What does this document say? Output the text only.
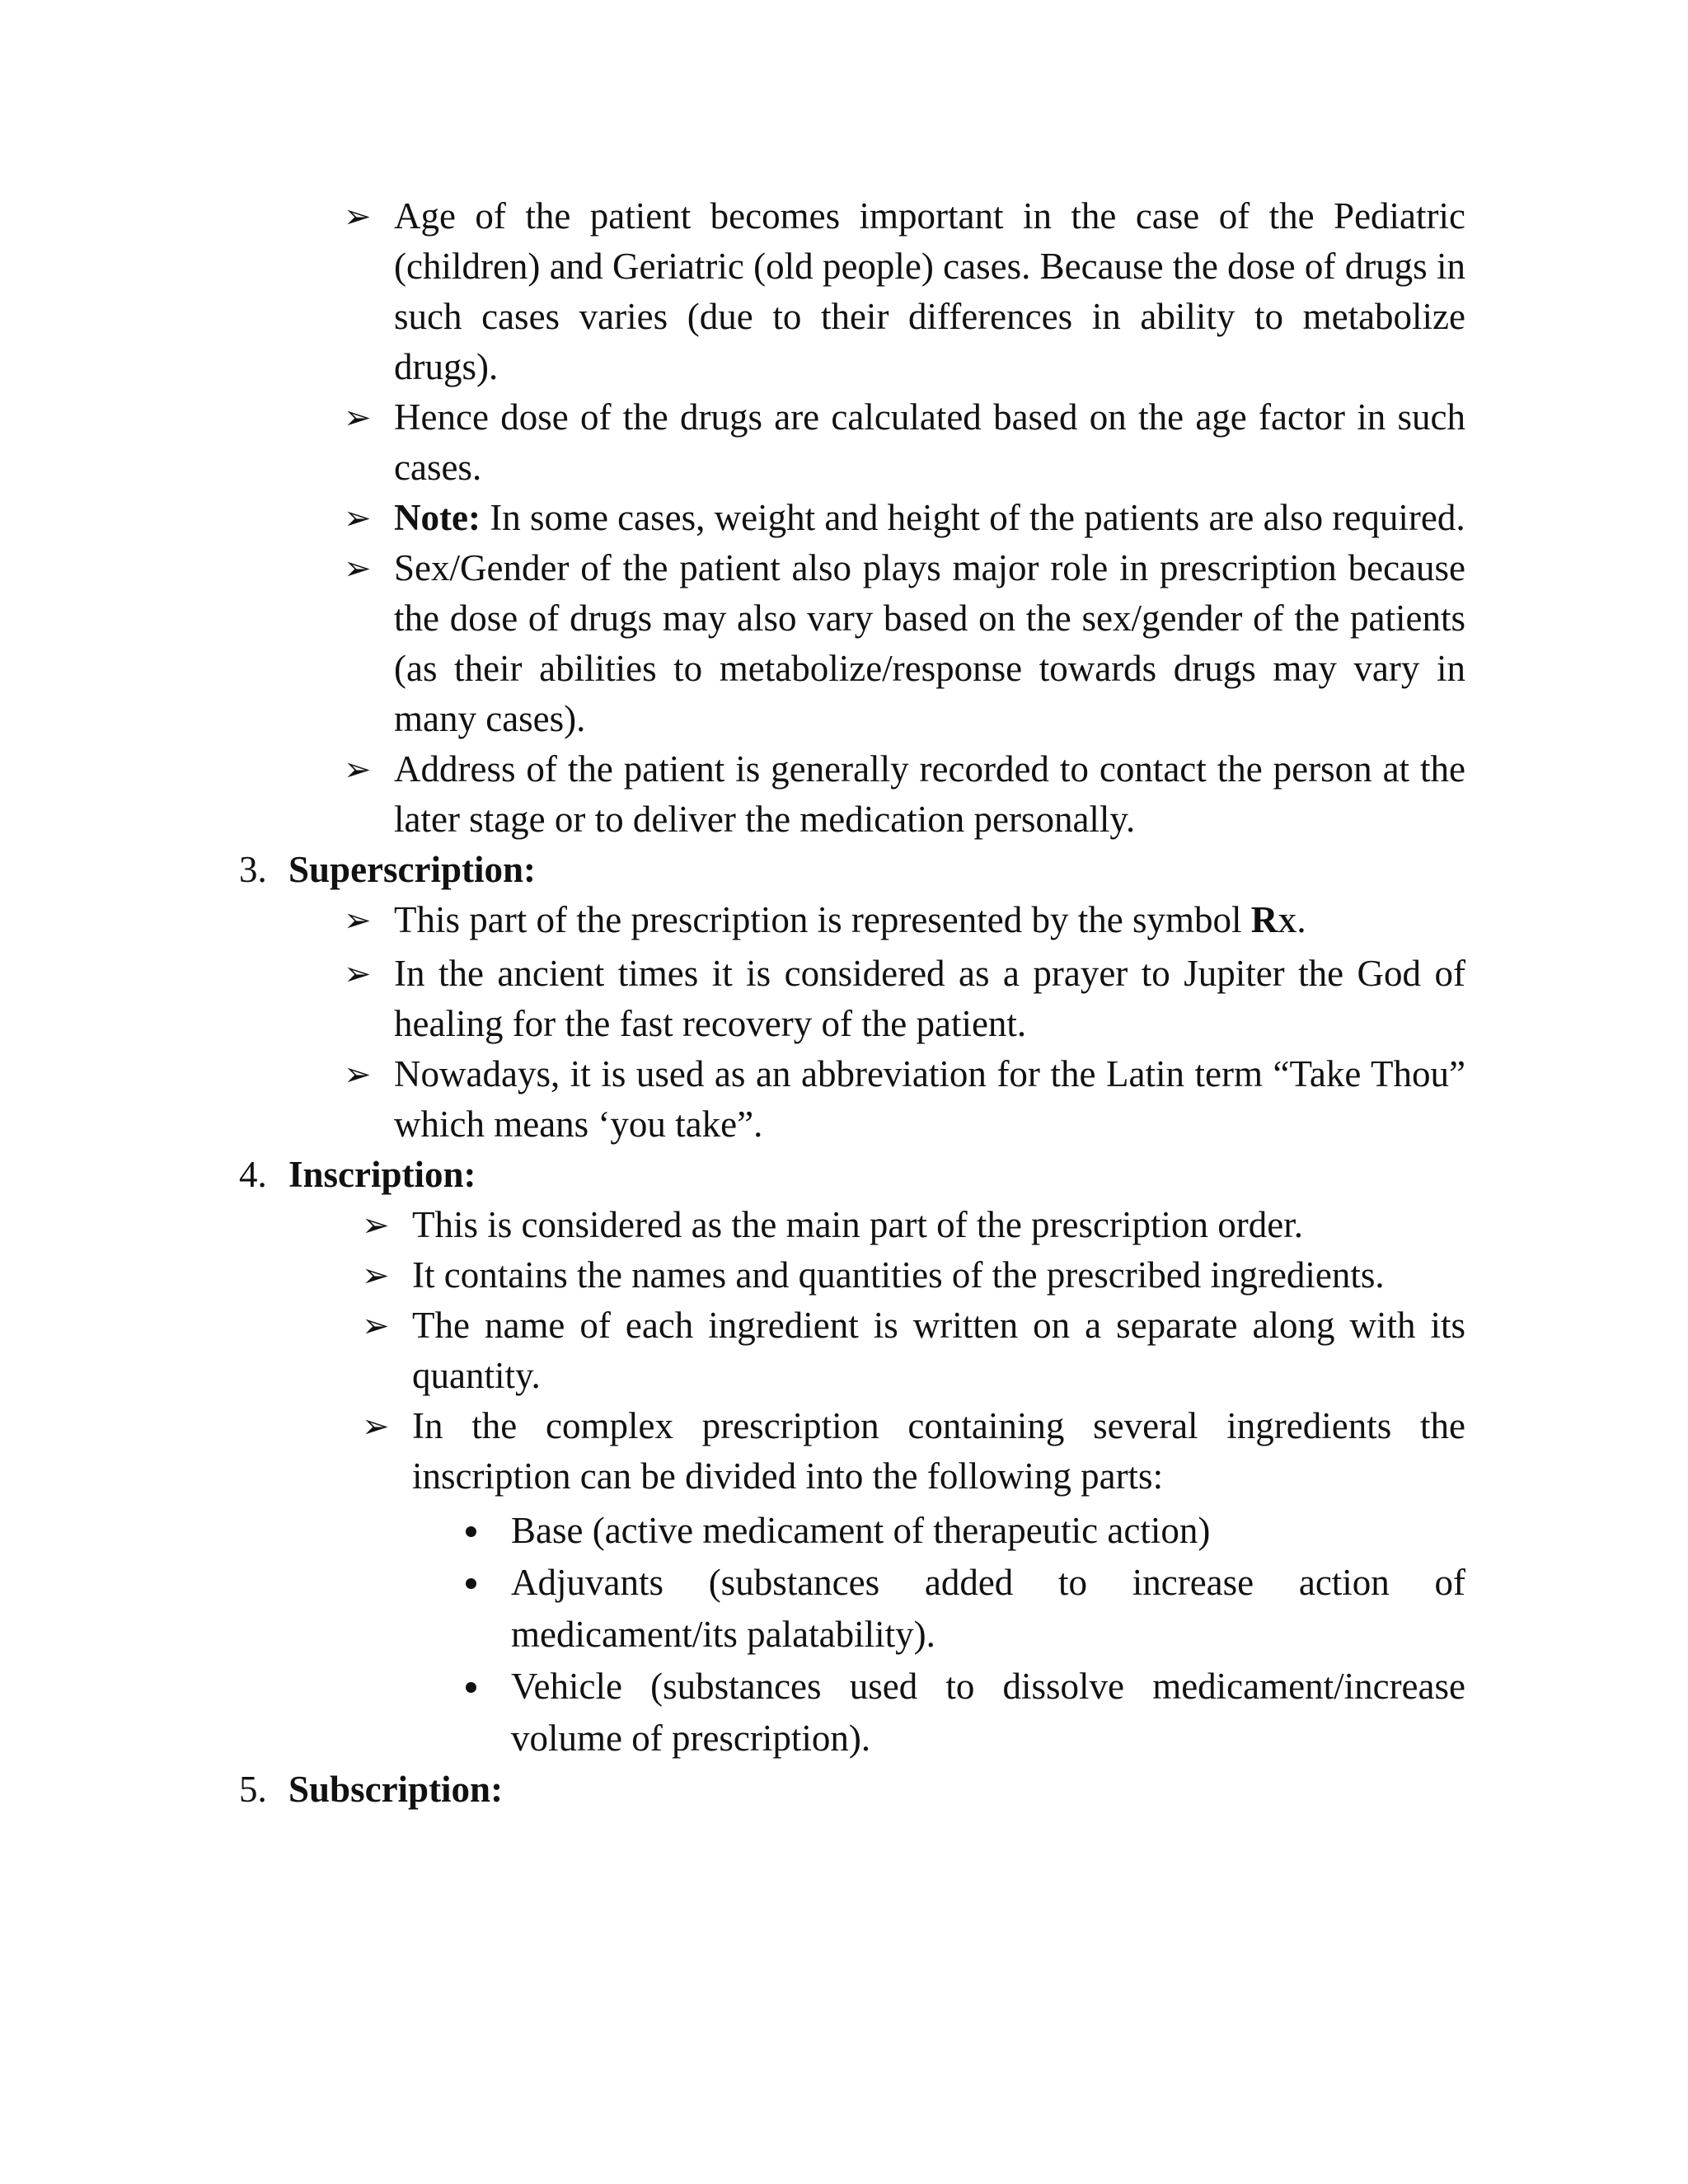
➢ Age of the patient becomes important in the case of the Pediatric (children) and Geriatric (old people) cases. Because the dose of drugs in such cases varies (due to their differences in ability to metabolize drugs).
➢ Hence dose of the drugs are calculated based on the age factor in such cases.
➢ Note: In some cases, weight and height of the patients are also required.
➢ Sex/Gender of the patient also plays major role in prescription because the dose of drugs may also vary based on the sex/gender of the patients (as their abilities to metabolize/response towards drugs may vary in many cases).
➢ Address of the patient is generally recorded to contact the person at the later stage or to deliver the medication personally.
3. Superscription:
➢ This part of the prescription is represented by the symbol RX.
➢ In the ancient times it is considered as a prayer to Jupiter the God of healing for the fast recovery of the patient.
➢ Nowadays, it is used as an abbreviation for the Latin term “Take Thou” which means ‘you take”.
4. Inscription:
➢ This is considered as the main part of the prescription order.
➢ It contains the names and quantities of the prescribed ingredients.
➢ The name of each ingredient is written on a separate along with its quantity.
➢ In the complex prescription containing several ingredients the inscription can be divided into the following parts:
Base (active medicament of therapeutic action)
Adjuvants (substances added to increase action of medicament/its palatability).
Vehicle (substances used to dissolve medicament/increase volume of prescription).
5. Subscription:
